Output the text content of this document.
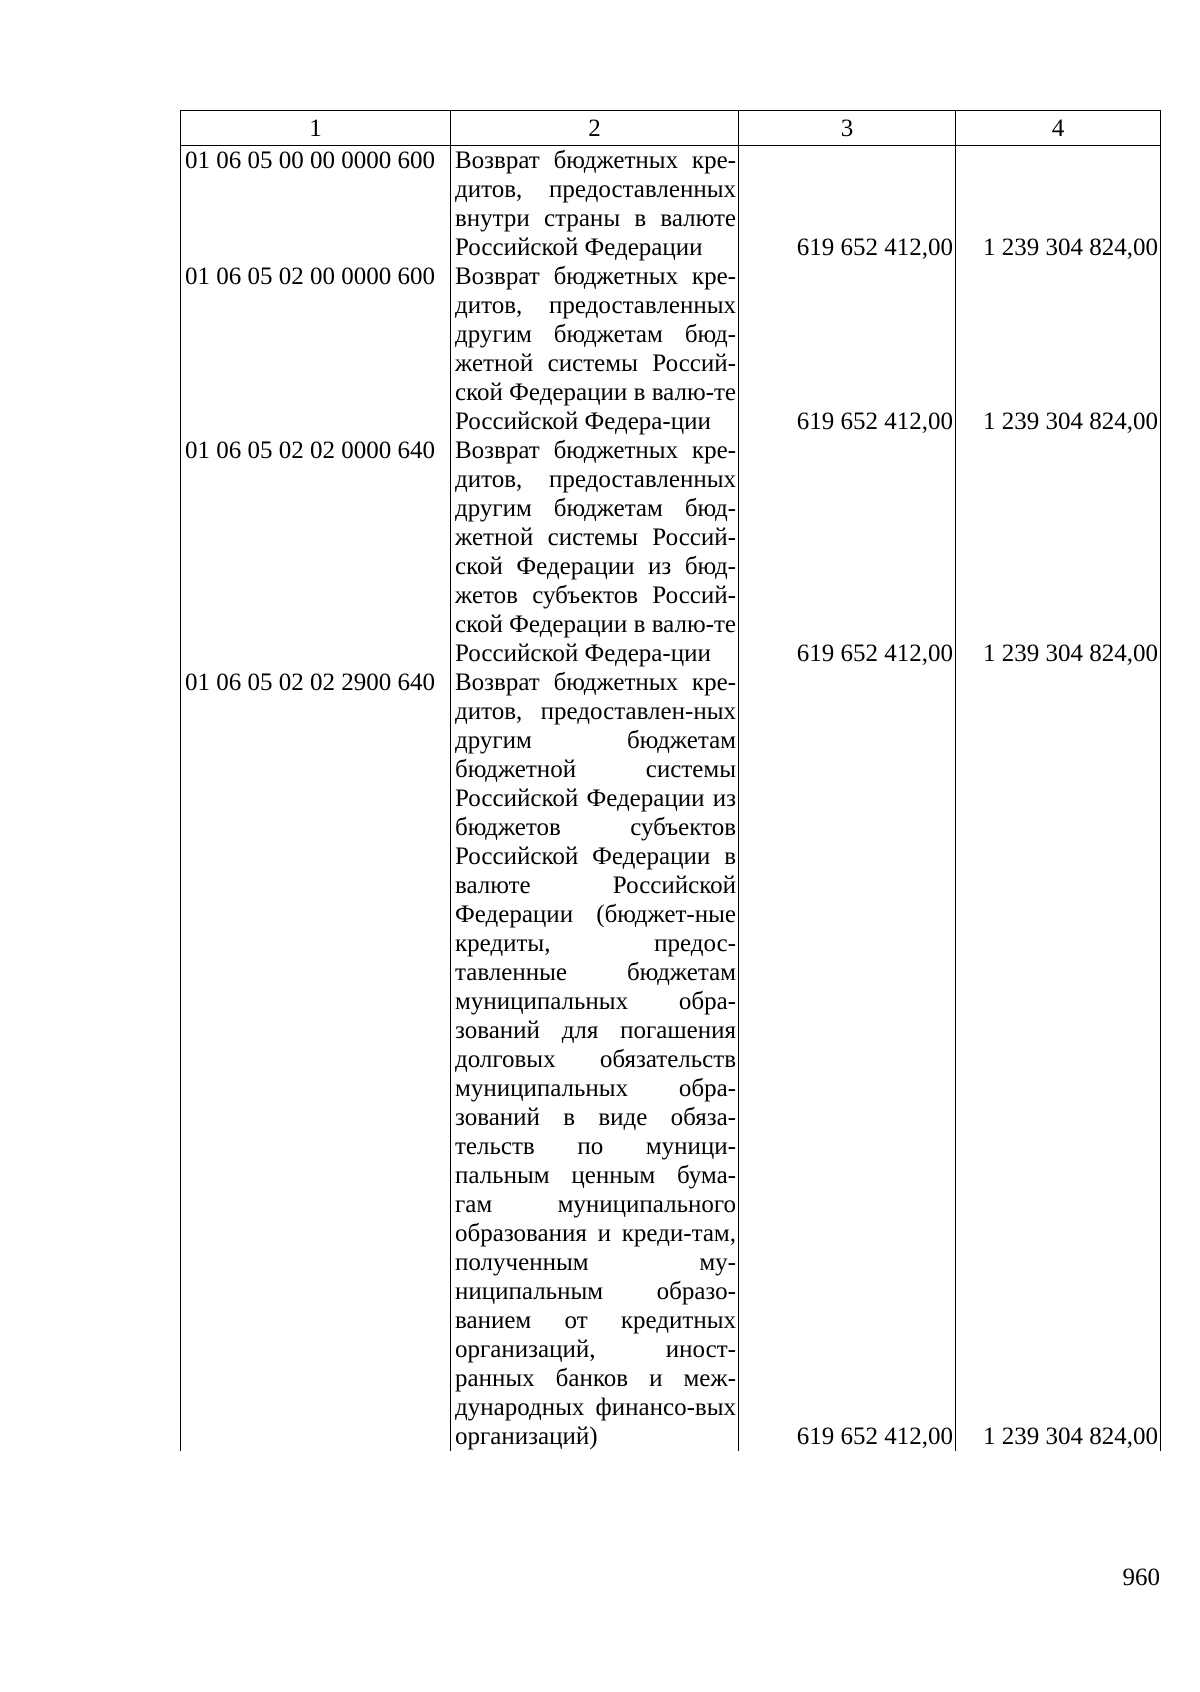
1	2	3	4
01 06 05 00 00 0000 600	Возврат бюджетных кре-дитов, предоставленных внутри страны в валюте Российской Федерации	619 652 412,00	1 239 304 824,00
01 06 05 02 00 0000 600	Возврат бюджетных кре-дитов, предоставленных другим бюджетам бюд-жетной системы Россий-ской Федерации в валю-те Российской Федера-ции	619 652 412,00	1 239 304 824,00
01 06 05 02 02 0000 640	Возврат бюджетных кре-дитов, предоставленных другим бюджетам бюд-жетной системы Россий-ской Федерации из бюд-жетов субъектов Россий-ской Федерации в валю-те Российской Федера-ции	619 652 412,00	1 239 304 824,00
01 06 05 02 02 2900 640	Возврат бюджетных кре-дитов, предоставлен-ных другим бюджетам бюджетной системы Российской Федерации из бюджетов субъектов Российской Федерации в валюте Российской Федерации (бюджет-ные кредиты, предос-тавленные бюджетам муниципальных обра-зований для погашения долговых обязательств муниципальных обра-зований в виде обяза-тельств по муници-пальным ценным бума-гам муниципального образования и креди-там, полученным му-ниципальным образо-ванием от кредитных организаций, иност-ранных банков и меж-дународных финансо-вых организаций)	619 652 412,00	1 239 304 824,00
960
